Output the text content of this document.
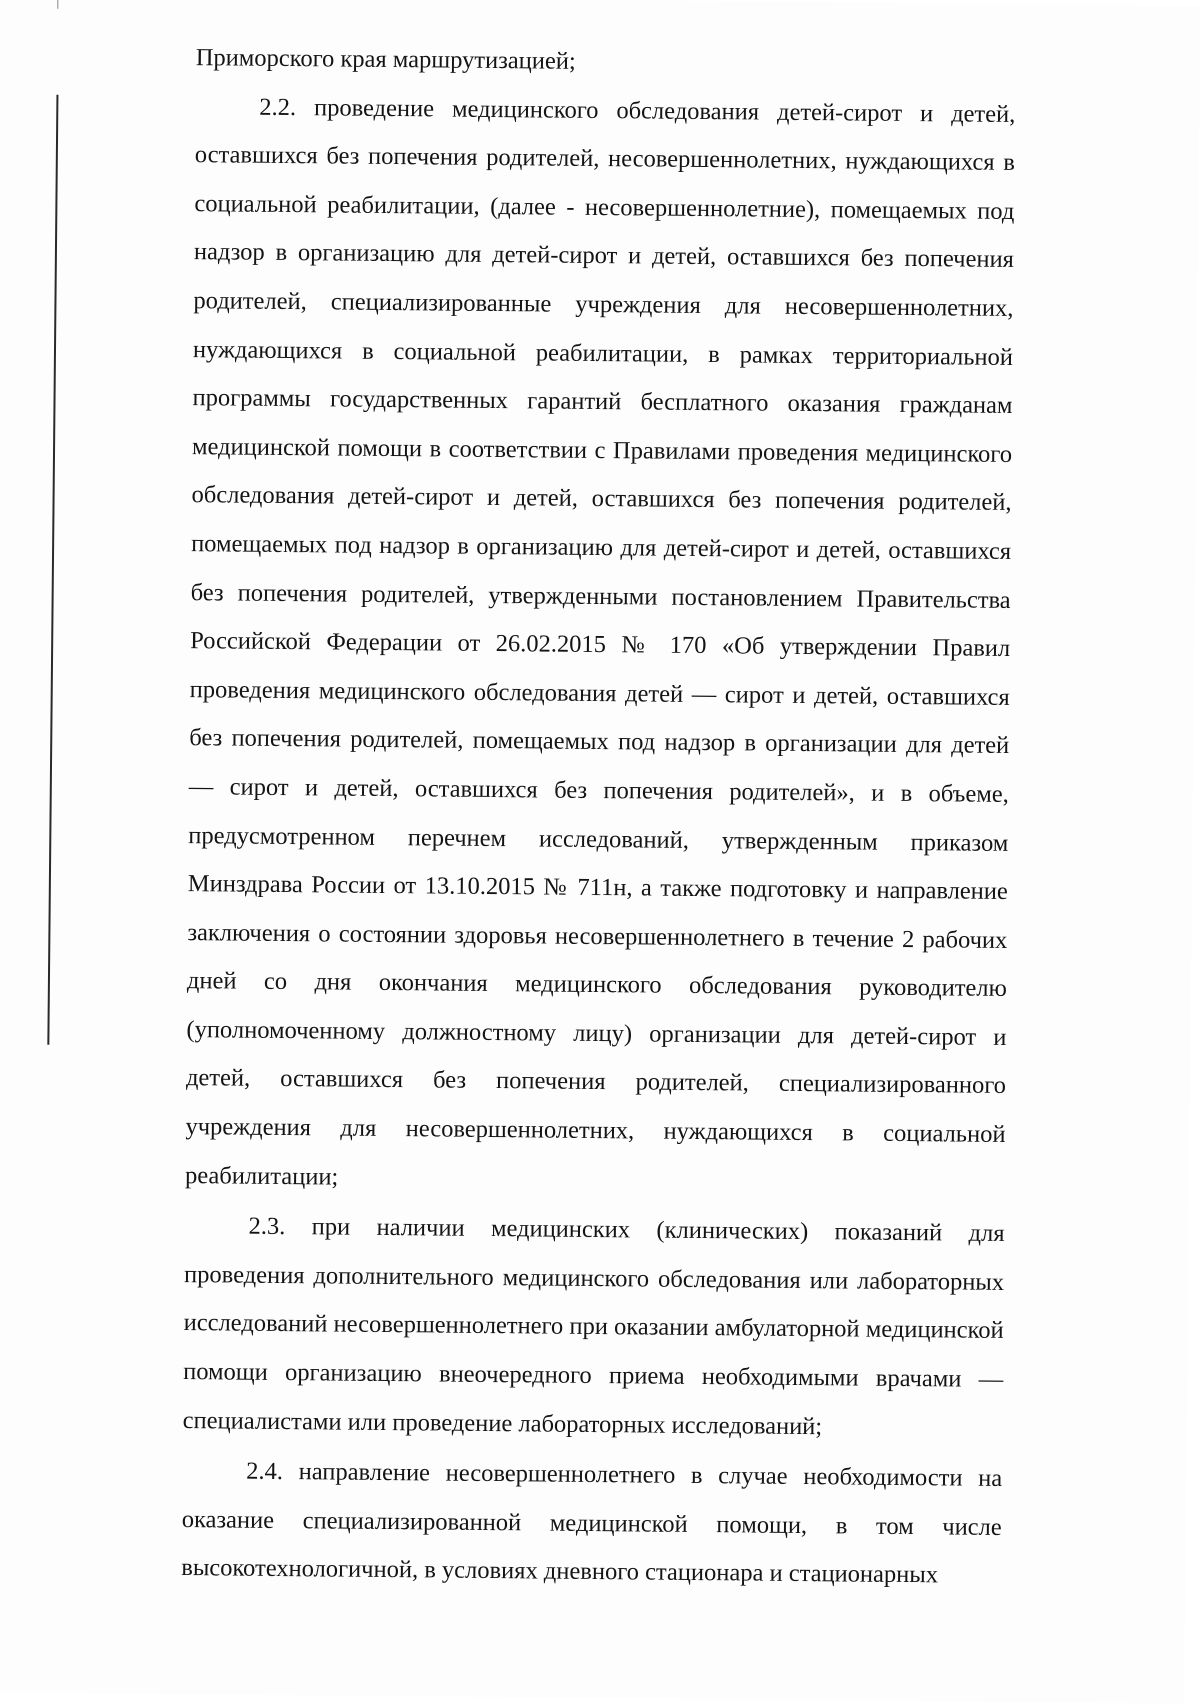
Приморского края маршрутизацией;

2.2. проведение медицинского обследования детей-сирот и детей, оставшихся без попечения родителей, несовершеннолетних, нуждающихся в социальной реабилитации, (далее - несовершеннолетние), помещаемых под надзор в организацию для детей-сирот и детей, оставшихся без попечения родителей, специализированные учреждения для несовершеннолетних, нуждающихся в социальной реабилитации, в рамках территориальной программы государственных гарантий бесплатного оказания гражданам медицинской помощи в соответствии с Правилами проведения медицинского обследования детей-сирот и детей, оставшихся без попечения родителей, помещаемых под надзор в организацию для детей-сирот и детей, оставшихся без попечения родителей, утвержденными постановлением Правительства Российской Федерации от 26.02.2015 № 170 «Об утверждении Правил проведения медицинского обследования детей — сирот и детей, оставшихся без попечения родителей, помещаемых под надзор в организации для детей — сирот и детей, оставшихся без попечения родителей», и в объеме, предусмотренном перечнем исследований, утвержденным приказом Минздрава России от 13.10.2015 № 711н, а также подготовку и направление заключения о состоянии здоровья несовершеннолетнего в течение 2 рабочих дней со дня окончания медицинского обследования руководителю (уполномоченному должностному лицу) организации для детей-сирот и детей, оставшихся без попечения родителей, специализированного учреждения для несовершеннолетних, нуждающихся в социальной реабилитации;

2.3. при наличии медицинских (клинических) показаний для проведения дополнительного медицинского обследования или лабораторных исследований несовершеннолетнего при оказании амбулаторной медицинской помощи организацию внеочередного приема необходимыми врачами — специалистами или проведение лабораторных исследований;

2.4. направление несовершеннолетнего в случае необходимости на оказание специализированной медицинской помощи, в том числе высокотехнологичной, в условиях дневного стационара и стационарных
